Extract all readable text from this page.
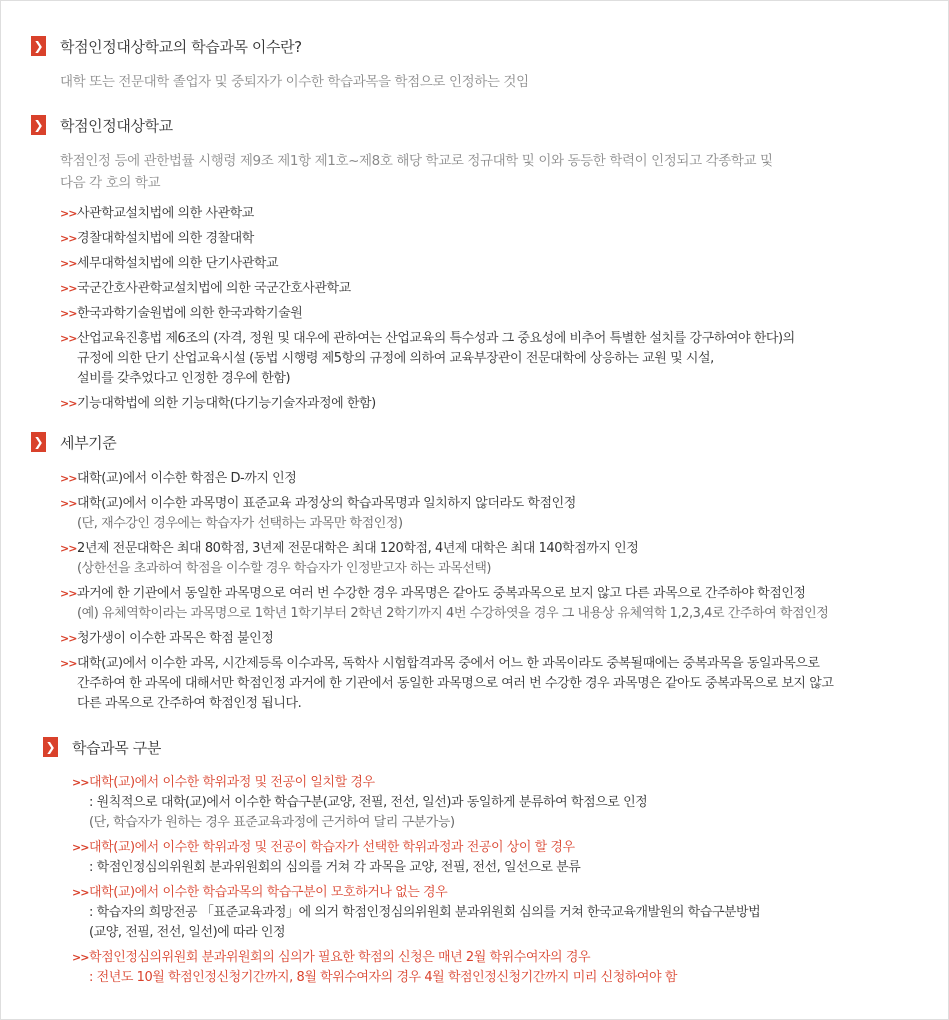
❯ 학점인정대상학교의 학습과목 이수란?
대학 또는 전문대학 졸업자 및 중퇴자가 이수한 학습과목을 학점으로 인정하는 것임
❯ 학점인정대상학교
학점인정 등에 관한법률 시행령 제9조 제1항 제1호~제8호 해당 학교로 정규대학 및 이와 동등한 학력이 인정되고 각종학교 및
다음 각 호의 학교
>> 사관학교설치법에 의한 사관학교
>> 경찰대학설치법에 의한 경찰대학
>> 세무대학설치법에 의한 단기사관학교
>> 국군간호사관학교설치법에 의한 국군간호사관학교
>> 한국과학기술원법에 의한 한국과학기술원
>> 산업교육진흥법 제6조의 (자격, 정원 및 대우에 관하여는 산업교육의 특수성과 그 중요성에 비추어 특별한 설치를 강구하여야 한다)의
규정에 의한 단기 산업교육시설 (동법 시행령 제5항의 규정에 의하여 교육부장관이 전문대학에 상응하는 교원 및 시설,
설비를 갖추었다고 인정한 경우에 한함)
>> 기능대학법에 의한 기능대학(다기능기술자과정에 한함)
❯ 세부기준
>> 대학(교)에서 이수한 학점은 D-까지 인정
>> 대학(교)에서 이수한 과목명이 표준교육 과정상의 학습과목명과 일치하지 않더라도 학점인정
(단, 재수강인 경우에는 학습자가 선택하는 과목만 학점인정)
>> 2년제 전문대학은 최대 80학점, 3년제 전문대학은 최대 120학점, 4년제 대학은 최대 140학점까지 인정
(상한선을 초과하여 학점을 이수할 경우 학습자가 인정받고자 하는 과목선택)
>> 과거에 한 기관에서 동일한 과목명으로 여러 번 수강한 경우 과목명은 같아도 중복과목으로 보지 않고 다른 과목으로 간주하야 학점인정
(예) 유체역학이라는 과목명으로 1학년 1학기부터 2학년 2학기까지 4번 수강하엿을 경우 그 내용상 유체역학 1,2,3,4로 간주하여 학점인정
>> 청가생이 이수한 과목은 학점 불인정
>> 대학(교)에서 이수한 과목, 시간제등록 이수과목, 독학사 시험합격과목 중에서 어느 한 과목이라도 중복될때에는 중복과목을 동일과목으로
간주하여 한 과목에 대해서만 학점인정 과거에 한 기관에서 동일한 과목명으로 여러 번 수강한 경우 과목명은 같아도 중복과목으로 보지 않고
다른 과목으로 간주하여 학점인정 됩니다.
❯ 학습과목 구분
>> 대학(교)에서 이수한 학위과정 및 전공이 일치할 경우
: 원칙적으로 대학(교)에서 이수한 학습구분(교양, 전필, 전선, 일선)과 동일하게 분류하여 학점으로 인정
(단, 학습자가 원하는 경우 표준교육과정에 근거하여 달리 구분가능)
>> 대학(교)에서 이수한 학위과정 및 전공이 학습자가 선택한 학위과정과 전공이 상이 할 경우
: 학점인정심의위원회 분과위원회의 심의를 거쳐 각 과목을 교양, 전필, 전선, 일선으로 분류
>> 대학(교)에서 이수한 학습과목의 학습구분이 모호하거나 없는 경우
: 학습자의 희망전공 「표준교육과정」에 의거 학점인정심의위원회 분과위원회 심의를 거쳐 한국교육개발원의 학습구분방법
(교양, 전필, 전선, 일선)에 따라 인정
>> 학점인정심의위원회 분과위원회의 심의가 필요한 학점의 신청은 매년 2월 학위수여자의 경우
: 전년도 10월 학점인정신청기간까지, 8월 학위수여자의 경우 4월 학점인정신청기간까지 미리 신청하여야 함
